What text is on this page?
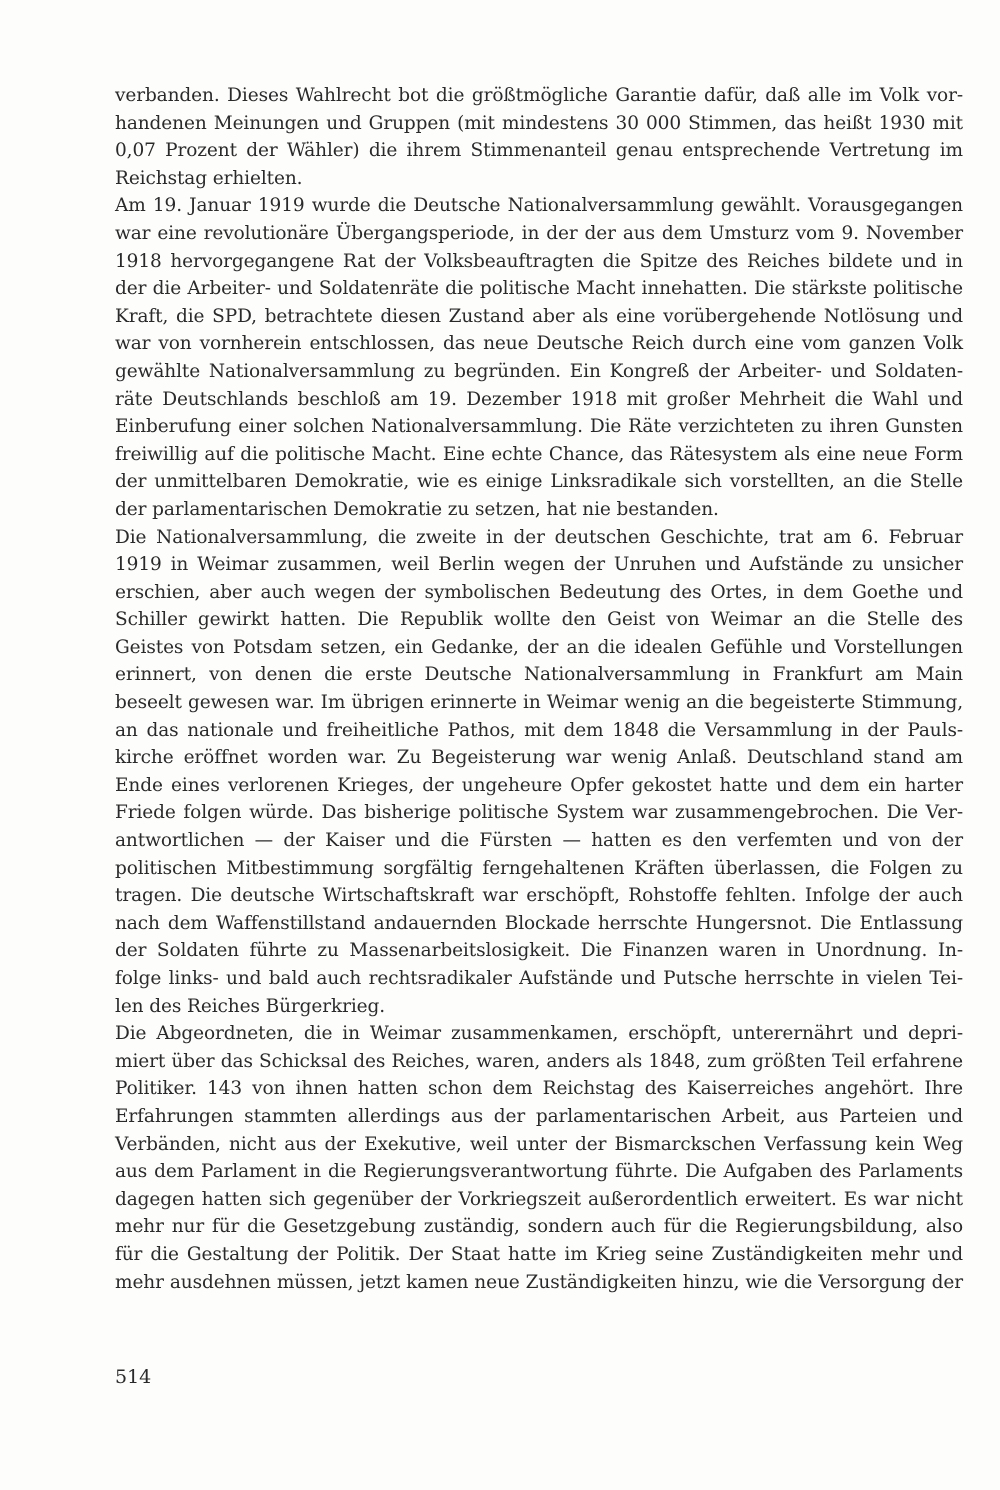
verbanden. Dieses Wahlrecht bot die größtmögliche Garantie dafür, daß alle im Volk vor-
handenen Meinungen und Gruppen (mit mindestens 30 000 Stimmen, das heißt 1930 mit
0,07 Prozent der Wähler) die ihrem Stimmenanteil genau entsprechende Vertretung im
Reichstag erhielten.
Am 19. Januar 1919 wurde die Deutsche Nationalversammlung gewählt. Vorausgegangen
war eine revolutionäre Übergangsperiode, in der der aus dem Umsturz vom 9. November
1918 hervorgegangene Rat der Volksbeauftragten die Spitze des Reiches bildete und in
der die Arbeiter- und Soldatenräte die politische Macht innehatten. Die stärkste politische
Kraft, die SPD, betrachtete diesen Zustand aber als eine vorübergehende Notlösung und
war von vornherein entschlossen, das neue Deutsche Reich durch eine vom ganzen Volk
gewählte Nationalversammlung zu begründen. Ein Kongreß der Arbeiter- und Soldaten-
räte Deutschlands beschloß am 19. Dezember 1918 mit großer Mehrheit die Wahl und
Einberufung einer solchen Nationalversammlung. Die Räte verzichteten zu ihren Gunsten
freiwillig auf die politische Macht. Eine echte Chance, das Rätesystem als eine neue Form
der unmittelbaren Demokratie, wie es einige Linksradikale sich vorstellten, an die Stelle
der parlamentarischen Demokratie zu setzen, hat nie bestanden.
Die Nationalversammlung, die zweite in der deutschen Geschichte, trat am 6. Februar
1919 in Weimar zusammen, weil Berlin wegen der Unruhen und Aufstände zu unsicher
erschien, aber auch wegen der symbolischen Bedeutung des Ortes, in dem Goethe und
Schiller gewirkt hatten. Die Republik wollte den Geist von Weimar an die Stelle des
Geistes von Potsdam setzen, ein Gedanke, der an die idealen Gefühle und Vorstellungen
erinnert, von denen die erste Deutsche Nationalversammlung in Frankfurt am Main
beseelt gewesen war. Im übrigen erinnerte in Weimar wenig an die begeisterte Stimmung,
an das nationale und freiheitliche Pathos, mit dem 1848 die Versammlung in der Pauls-
kirche eröffnet worden war. Zu Begeisterung war wenig Anlaß. Deutschland stand am
Ende eines verlorenen Krieges, der ungeheure Opfer gekostet hatte und dem ein harter
Friede folgen würde. Das bisherige politische System war zusammengebrochen. Die Ver-
antwortlichen — der Kaiser und die Fürsten — hatten es den verfemten und von der
politischen Mitbestimmung sorgfältig ferngehaltenen Kräften überlassen, die Folgen zu
tragen. Die deutsche Wirtschaftskraft war erschöpft, Rohstoffe fehlten. Infolge der auch
nach dem Waffenstillstand andauernden Blockade herrschte Hungersnot. Die Entlassung
der Soldaten führte zu Massenarbeitslosigkeit. Die Finanzen waren in Unordnung. In-
folge links- und bald auch rechtsradikaler Aufstände und Putsche herrschte in vielen Tei-
len des Reiches Bürgerkrieg.
Die Abgeordneten, die in Weimar zusammenkamen, erschöpft, unterernährt und depri-
miert über das Schicksal des Reiches, waren, anders als 1848, zum größten Teil erfahrene
Politiker. 143 von ihnen hatten schon dem Reichstag des Kaiserreiches angehört. Ihre
Erfahrungen stammten allerdings aus der parlamentarischen Arbeit, aus Parteien und
Verbänden, nicht aus der Exekutive, weil unter der Bismarckschen Verfassung kein Weg
aus dem Parlament in die Regierungsverantwortung führte. Die Aufgaben des Parlaments
dagegen hatten sich gegenüber der Vorkriegszeit außerordentlich erweitert. Es war nicht
mehr nur für die Gesetzgebung zuständig, sondern auch für die Regierungsbildung, also
für die Gestaltung der Politik. Der Staat hatte im Krieg seine Zuständigkeiten mehr und
mehr ausdehnen müssen, jetzt kamen neue Zuständigkeiten hinzu, wie die Versorgung der
514
